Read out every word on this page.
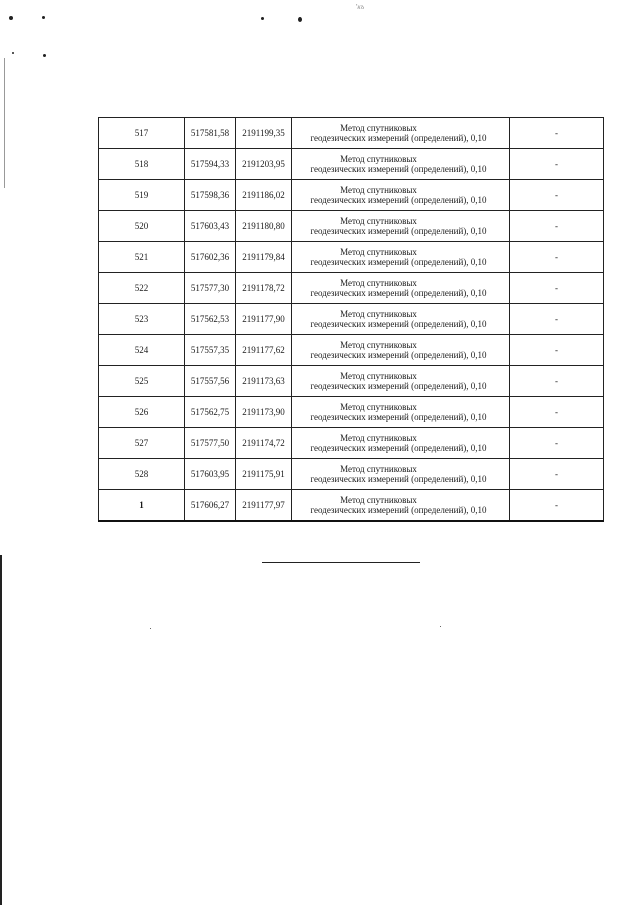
’къ
517	517581,58	2191199,35	Метод спутниковых
геодезических измерений (определений), 0,10	-
518	517594,33	2191203,95	Метод спутниковых
геодезических измерений (определений), 0,10	-
519	517598,36	2191186,02	Метод спутниковых
геодезических измерений (определений), 0,10	-
520	517603,43	2191180,80	Метод спутниковых
геодезических измерений (определений), 0,10	-
521	517602,36	2191179,84	Метод спутниковых
геодезических измерений (определений), 0,10	-
522	517577,30	2191178,72	Метод спутниковых
геодезических измерений (определений), 0,10	-
523	517562,53	2191177,90	Метод спутниковых
геодезических измерений (определений), 0,10	-
524	517557,35	2191177,62	Метод спутниковых
геодезических измерений (определений), 0,10	-
525	517557,56	2191173,63	Метод спутниковых
геодезических измерений (определений), 0,10	-
526	517562,75	2191173,90	Метод спутниковых
геодезических измерений (определений), 0,10	-
527	517577,50	2191174,72	Метод спутниковых
геодезических измерений (определений), 0,10	-
528	517603,95	2191175,91	Метод спутниковых
геодезических измерений (определений), 0,10	-
1	517606,27	2191177,97	Метод спутниковых
геодезических измерений (определений), 0,10	-
